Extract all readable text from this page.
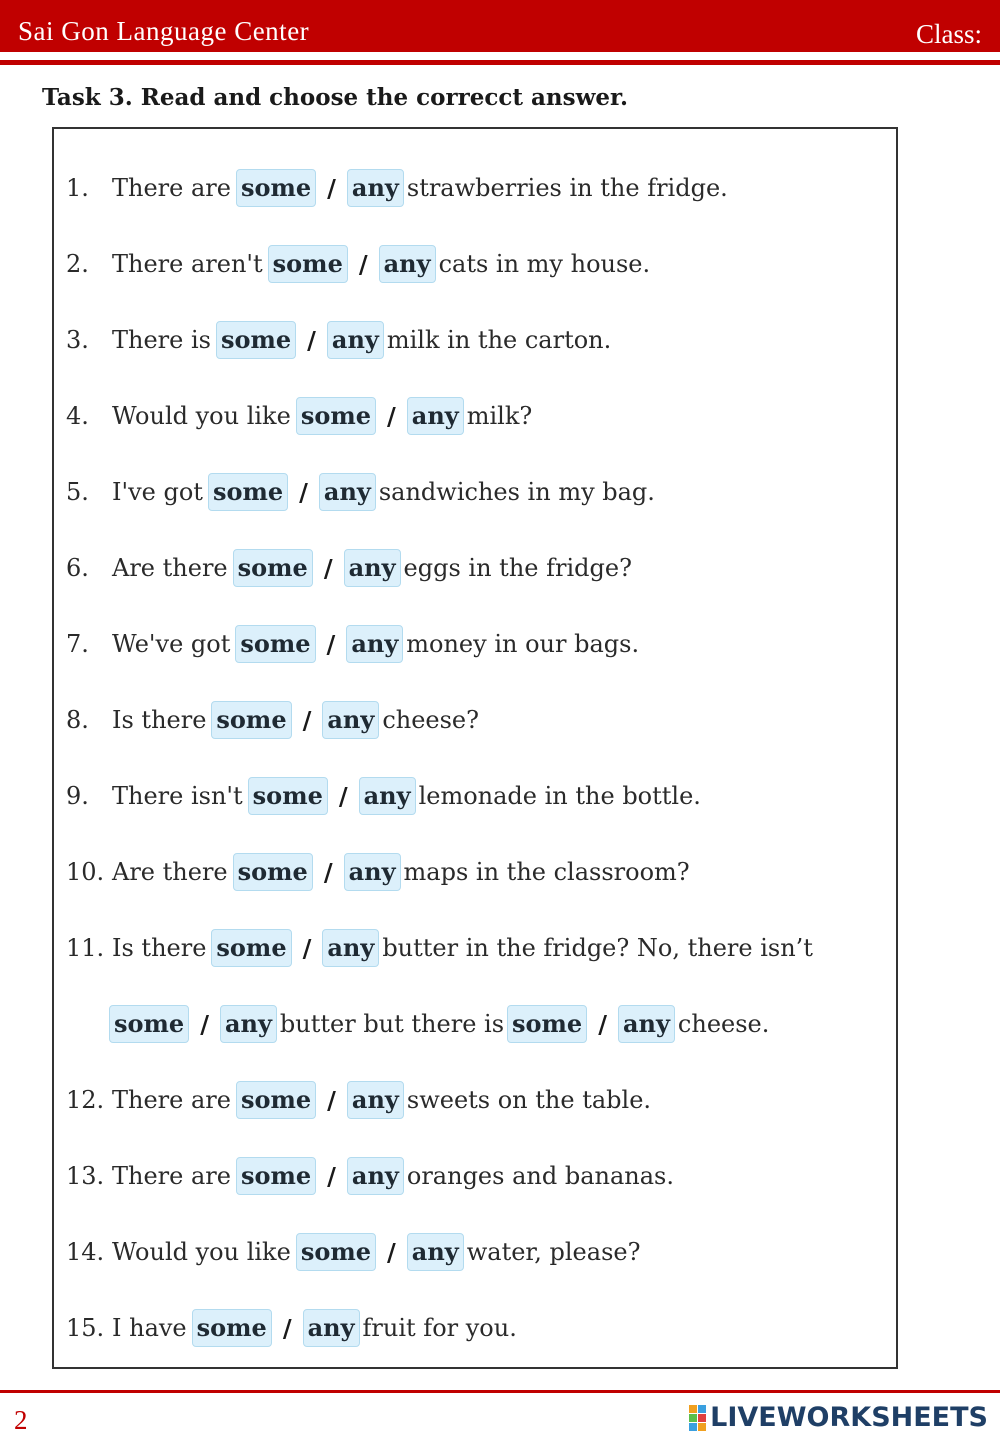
Sai Gon Language Center	Class:
Task 3. Read and choose the correcct answer.
1. There are some / any strawberries in the fridge.
2. There aren't some / any cats in my house.
3. There is some / any milk in the carton.
4. Would you like some / any milk?
5. I've got some / any sandwiches in my bag.
6. Are there some / any eggs in the fridge?
7. We've got some / any money in our bags.
8. Is there some / any cheese?
9. There isn't some / any lemonade in the bottle.
10. Are there some / any maps in the classroom?
11. Is there some / any butter in the fridge? No, there isn’t
some / any butter but there is some / any cheese.
12. There are some / any sweets on the table.
13. There are some / any oranges and bananas.
14. Would you like some / any water, please?
15. I have some / any fruit for you.
2	LIVEWORKSHEETS
